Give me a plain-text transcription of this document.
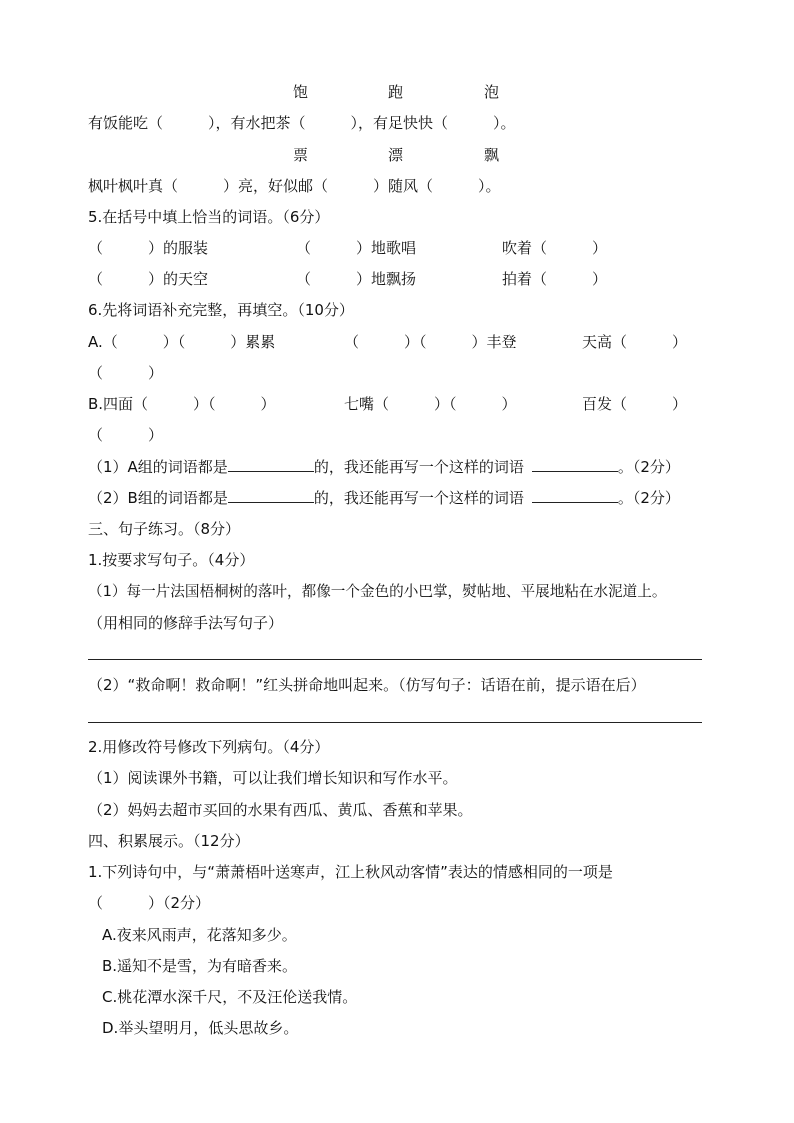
饱	跑	泡
有饭能吃（　　　），有水把茶（　　　），有足快快（　　　）。
票	漂	飘
枫叶枫叶真（　　　）亮，好似邮（　　　）随风（　　　）。
5.在括号中填上恰当的词语。（6分）
（　　　）的服装	（　　　）地歌唱	吹着（　　　）
（　　　）的天空	（　　　）地飘扬	拍着（　　　）
6.先将词语补充完整，再填空。（10分）
A.（　　　）（　　　）累累	（　　　）（　　　）丰登	天高（　　　）
（　　　）
B.四面（　　　）（　　　）	七嘴（　　　）（　　　）	百发（　　　）
（　　　）
（1）A组的词语都是	的，我还能再写一个这样的词语	。（2分）
（2）B组的词语都是	的，我还能再写一个这样的词语	。（2分）
三、句子练习。（8分）
1.按要求写句子。（4分）
（1）每一片法国梧桐树的落叶，都像一个金色的小巴掌，熨帖地、平展地粘在水泥道上。
（用相同的修辞手法写句子）
（2）“救命啊！救命啊！”红头拼命地叫起来。（仿写句子：话语在前，提示语在后）
2.用修改符号修改下列病句。（4分）
（1）阅读课外书籍，可以让我们增长知识和写作水平。
（2）妈妈去超市买回的水果有西瓜、黄瓜、香蕉和苹果。
四、积累展示。（12分）
1.下列诗句中，与“萧萧梧叶送寒声，江上秋风动客情”表达的情感相同的一项是
（　　　）（2分）
A.夜来风雨声，花落知多少。
B.遥知不是雪，为有暗香来。
C.桃花潭水深千尺，不及汪伦送我情。
D.举头望明月，低头思故乡。
